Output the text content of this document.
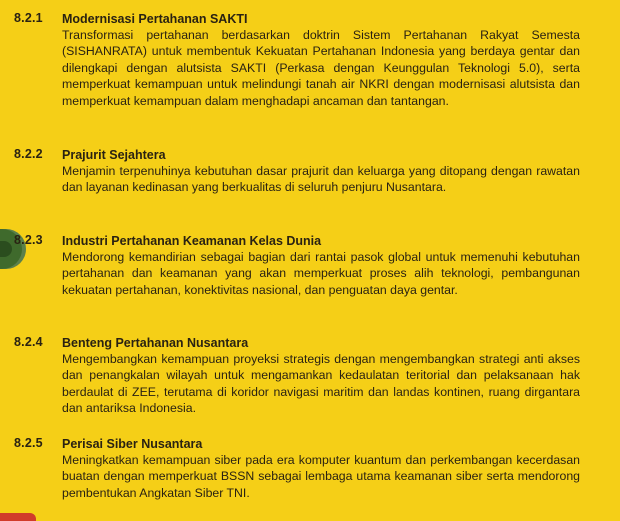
8.2.1 Modernisasi Pertahanan SAKTI
Transformasi pertahanan berdasarkan doktrin Sistem Pertahanan Rakyat Semesta (SISHANRATA) untuk membentuk Kekuatan Pertahanan Indonesia yang berdaya gentar dan dilengkapi dengan alutsista SAKTI (Perkasa dengan Keunggulan Teknologi 5.0), serta memperkuat kemampuan untuk melindungi tanah air NKRI dengan modernisasi alutsista dan memperkuat kemampuan dalam menghadapi ancaman dan tantangan.
8.2.2 Prajurit Sejahtera
Menjamin terpenuhinya kebutuhan dasar prajurit dan keluarga yang ditopang dengan rawatan dan layanan kedinasan yang berkualitas di seluruh penjuru Nusantara.
8.2.3 Industri Pertahanan Keamanan Kelas Dunia
Mendorong kemandirian sebagai bagian dari rantai pasok global untuk memenuhi kebutuhan pertahanan dan keamanan yang akan memperkuat proses alih teknologi, pembangunan kekuatan pertahanan, konektivitas nasional, dan penguatan daya gentar.
8.2.4 Benteng Pertahanan Nusantara
Mengembangkan kemampuan proyeksi strategis dengan mengembangkan strategi anti akses dan penangkalan wilayah untuk mengamankan kedaulatan teritorial dan pelaksanaan hak berdaulat di ZEE, terutama di koridor navigasi maritim dan landas kontinen, ruang dirgantara dan antariksa Indonesia.
8.2.5 Perisai Siber Nusantara
Meningkatkan kemampuan siber pada era komputer kuantum dan perkembangan kecerdasan buatan dengan memperkuat BSSN sebagai lembaga utama keamanan siber serta mendorong pembentukan Angkatan Siber TNI.
